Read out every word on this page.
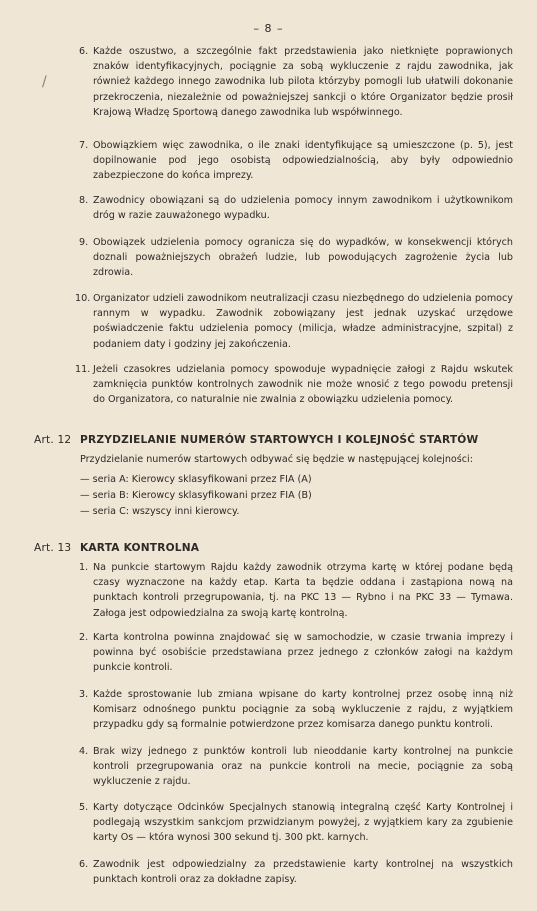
– 8 –
/
6. Każde oszustwo, a szczególnie fakt przedstawienia jako nietknięte poprawionych znaków identyfikacyjnych, pociągnie za sobą wykluczenie z rajdu zawodnika, jak również każdego innego zawodnika lub pilota którzyby pomogli lub ułatwili dokonanie przekroczenia, niezależnie od poważniejszej sankcji o które Organizator będzie prosił Krajową Władzę Sportową danego zawodnika lub współwinnego.
7. Obowiązkiem więc zawodnika, o ile znaki identyfikujące są umieszczone (p. 5), jest dopilnowanie pod jego osobistą odpowiedzialnością, aby były odpowiednio zabezpieczone do końca imprezy.
8. Zawodnicy obowiązani są do udzielenia pomocy innym zawodnikom i użytkownikom dróg w razie zauważonego wypadku.
9. Obowiązek udzielenia pomocy ogranicza się do wypadków, w konsekwencji których doznali poważniejszych obrażeń ludzie, lub powodujących zagrożenie życia lub zdrowia.
10. Organizator udzieli zawodnikom neutralizacji czasu niezbędnego do udzielenia pomocy rannym w wypadku. Zawodnik zobowiązany jest jednak uzyskać urzędowe poświadczenie faktu udzielenia pomocy (milicja, władze administracyjne, szpital) z podaniem daty i godziny jej zakończenia.
11. Jeżeli czasokres udzielania pomocy spowoduje wypadnięcie załogi z Rajdu wskutek zamknięcia punktów kontrolnych zawodnik nie może wnosić z tego powodu pretensji do Organizatora, co naturalnie nie zwalnia z obowiązku udzielenia pomocy.
Art. 12 PRZYDZIELANIE NUMERÓW STARTOWYCH I KOLEJNOŚĆ STARTÓW
Przydzielanie numerów startowych odbywać się będzie w następującej kolejności:
— seria A: Kierowcy sklasyfikowani przez FIA (A)
— seria B: Kierowcy sklasyfikowani przez FIA (B)
— seria C: wszyscy inni kierowcy.
Art. 13 KARTA KONTROLNA
1. Na punkcie startowym Rajdu każdy zawodnik otrzyma kartę w której podane będą czasy wyznaczone na każdy etap. Karta ta będzie oddana i zastąpiona nową na punktach kontroli przegrupowania, tj. na PKC 13 — Rybno i na PKC 33 — Tymawa. Załoga jest odpowiedzialna za swoją kartę kontrolną.
2. Karta kontrolna powinna znajdować się w samochodzie, w czasie trwania imprezy i powinna być osobiście przedstawiana przez jednego z członków załogi na każdym punkcie kontroli.
3. Każde sprostowanie lub zmiana wpisane do karty kontrolnej przez osobę inną niż Komisarz odnośnego punktu pociągnie za sobą wykluczenie z rajdu, z wyjątkiem przypadku gdy są formalnie potwierdzone przez komisarza danego punktu kontroli.
4. Brak wizy jednego z punktów kontroli lub nieoddanie karty kontrolnej na punkcie kontroli przegrupowania oraz na punkcie kontroli na mecie, pociągnie za sobą wykluczenie z rajdu.
5. Karty dotyczące Odcinków Specjalnych stanowią integralną część Karty Kontrolnej i podlegają wszystkim sankcjom przwidzianym powyżej, z wyjątkiem kary za zgubienie karty Os — która wynosi 300 sekund tj. 300 pkt. karnych.
6. Zawodnik jest odpowiedzialny za przedstawienie karty kontrolnej na wszystkich punktach kontroli oraz za dokładne zapisy.
